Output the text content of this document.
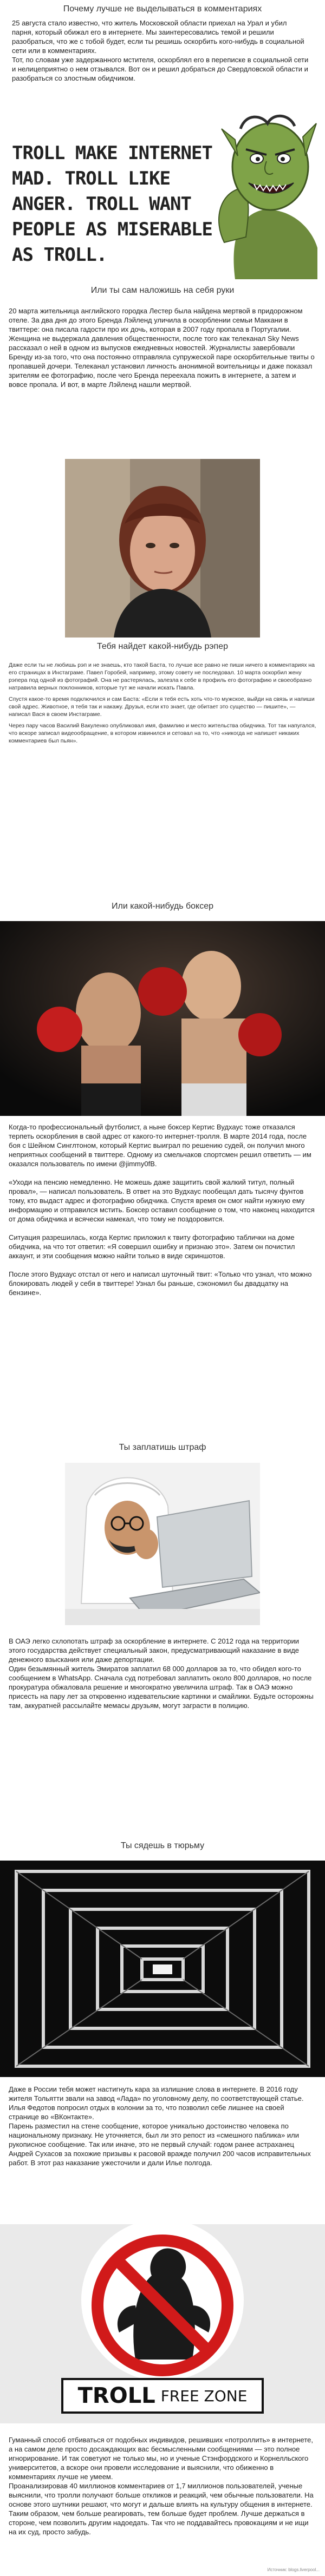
Почему лучше не выделываться в комментариях

25 августа стало известно, что житель Московской области приехал на Урал и убил парня, который обижал его в интернете. Мы заинтересовались темой и решили разобраться, что же с тобой будет, если ты решишь оскорбить кого-нибудь в социальной сети или в комментариях.

Тот, по словам уже задержанного мстителя, оскорблял его в переписке в социальной сети и нелицеприятно о нем отзывался. Вот он и решил добраться до Свердловской области и разобраться со злостным обидчиком.

TROLL MAKE INTERNET MAD. TROLL LIKE ANGER. TROLL WANT PEOPLE AS MISERABLE AS TROLL.
Или ты сам наложишь на себя руки
20 марта жительница английского городка Лестер была найдена мертвой в придорожном отеле. За два дня до этого Бренда Лэйленд уличила в оскорблении семьи Маккани в твиттере: она писала гадости про их дочь, которая в 2007 году пропала в Португалии.
Женщина не выдержала давления общественности, после того как телеканал Sky News рассказал о ней в одном из выпусков ежедневных новостей. Журналисты завербовали Бренду из-за того, что она постоянно отправляла супружеской паре оскорбительные твиты о пропавшей дочери. Телеканал установил личность анонимной воительницы и даже показал зрителям ее фотографию, после чего Бренда переехала пожить в интернете, а затем и вовсе пропала. И вот, в марте Лэйленд нашли мертвой.
Тебя найдет какой-нибудь рэпер

Даже если ты не любишь рэп и не знаешь, кто такой Баста, то лучше все равно не пиши ничего в комментариях на его страницах в Инстаграме. Павел Горобей, например, этому совету не последовал. 10 марта оскорбил жену рэпера под одной из фотографий. Она не растерялась, залезла к себе в профиль его фотографию и своеобразно натравила верных поклонников, которые тут же начали искать Павла.

Спустя какое-то время подключился и сам Баста: «Если я тебя есть хоть что-то мужское, выйди на связь и напиши свой адрес. Животное, я тебя так и накажу. Друзья, если кто знает, где обитает это существо — пишите», — написал Вася в своем Инстаграме.

Через пару часов Василий Вакуленко опубликовал имя, фамилию и место жительства обидчика. Тот так напугался, что вскоре записал видеообращение, в котором извинился и сетовал на то, что «никогда не напишет никаких комментариев был пьян».

Или какой-нибудь боксер

Когда-то профессиональный футболист, а ныне боксер Кертис Вудхаус тоже отказался терпеть оскорбления в свой адрес от какого-то интернет-тролля. В марте 2014 года, после боя с Шейном Синглтоном, который Кертис выиграл по решению судей, он получил много неприятных сообщений в твиттере. Одному из смельчаков спортсмен решил ответить — им оказался пользователь по имени @jimmy0fB.

«Уходи на пенсию немедленно. Не можешь даже защитить свой жалкий титул, полный провал», — написал пользователь. В ответ на это Вудхаус пообещал дать тысячу фунтов тому, кто выдаст адрес и фотографию обидчика. Спустя время он смог найти нужную ему информацию и отправился мстить. Боксер оставил сообщение о том, что наконец находится от дома обидчика и всячески намекал, что тому не поздоровится.

Ситуация разрешилась, когда Кертис приложил к твиту фотографию таблички на доме обидчика, на что тот ответил: «Я совершил ошибку и признаю это». Затем он почистил аккаунт, и эти сообщения можно найти только в виде скриншотов.

После этого Вудхаус отстал от него и написал шуточный твит: «Только что узнал, что можно блокировать людей у себя в твиттере! Узнал бы раньше, сэкономил бы двадцатку на бензине».

Ты заплатишь штраф
В ОАЭ легко схлопотать штраф за оскорбление в интернете. С 2012 года на территории этого государства действует специальный закон, предусматривающий наказание в виде денежного взыскания или даже депортации.
Один безымянный житель Эмиратов заплатил 68 000 долларов за то, что обидел кого-то сообщением в WhatsApp. Сначала суд потребовал заплатить около 800 долларов, но после прокуратура обжаловала решение и многократно увеличила штраф. Так в ОАЭ можно присесть на пару лет за откровенно издевательские картинки и смайлики. Будьте осторожны там, аккуратней рассылайте мемасы друзьям, могут заграсти в полицию.
Ты сядешь в тюрьму
Даже в России тебя может настигнуть кара за излишние слова в интернете. В 2016 году жителя Тольятти звали на завод «Лада» по уголовному делу, по соответствующей статье. Илья Федотов попросил отдых в колонии за то, что позволил себе лишнее на своей странице во «ВКонтакте».
Парень разместил на стене сообщение, которое уникально достоинство человека по национальному признаку. Не уточняется, был ли это репост из «смешного паблика» или рукописное сообщение. Так или иначе, это не первый случай: годом ранее астраханец Андрей Сухасов за похожие призывы к расовой вражде получил 200 часов исправительных работ. В этот раз наказание ужесточили и дали Илье полгода.
TROLL FREE ZONE
Гуманный способ отбиваться от подобных индивидов, решивших «потроллить» в интернете, а на самом деле просто досаждающих вас бесмысленными сообщениями — это полное игнорирование. И так советуют не только мы, но и ученые Стэнфордского и Корнелльского университетов, а вскоре они провели исследование и выяснили, что обиженно в комментариях лучше не умеем.
Проанализировав 40 миллионов комментариев от 1,7 миллионов пользователей, ученые выяснили, что тролли получают больше откликов и реакций, чем обычные пользователи. На основе этого шутники решают, что могут и дальше влиять на культуру общения в интернете. Таким образом, чем больше реагировать, тем больше будет проблем. Лучше держаться в стороне, чем позволить другим надоедать. Так что не поддавайтесь провокациям и не ищи на их суд, просто забудь.
Источник: blogs.liverpool...
